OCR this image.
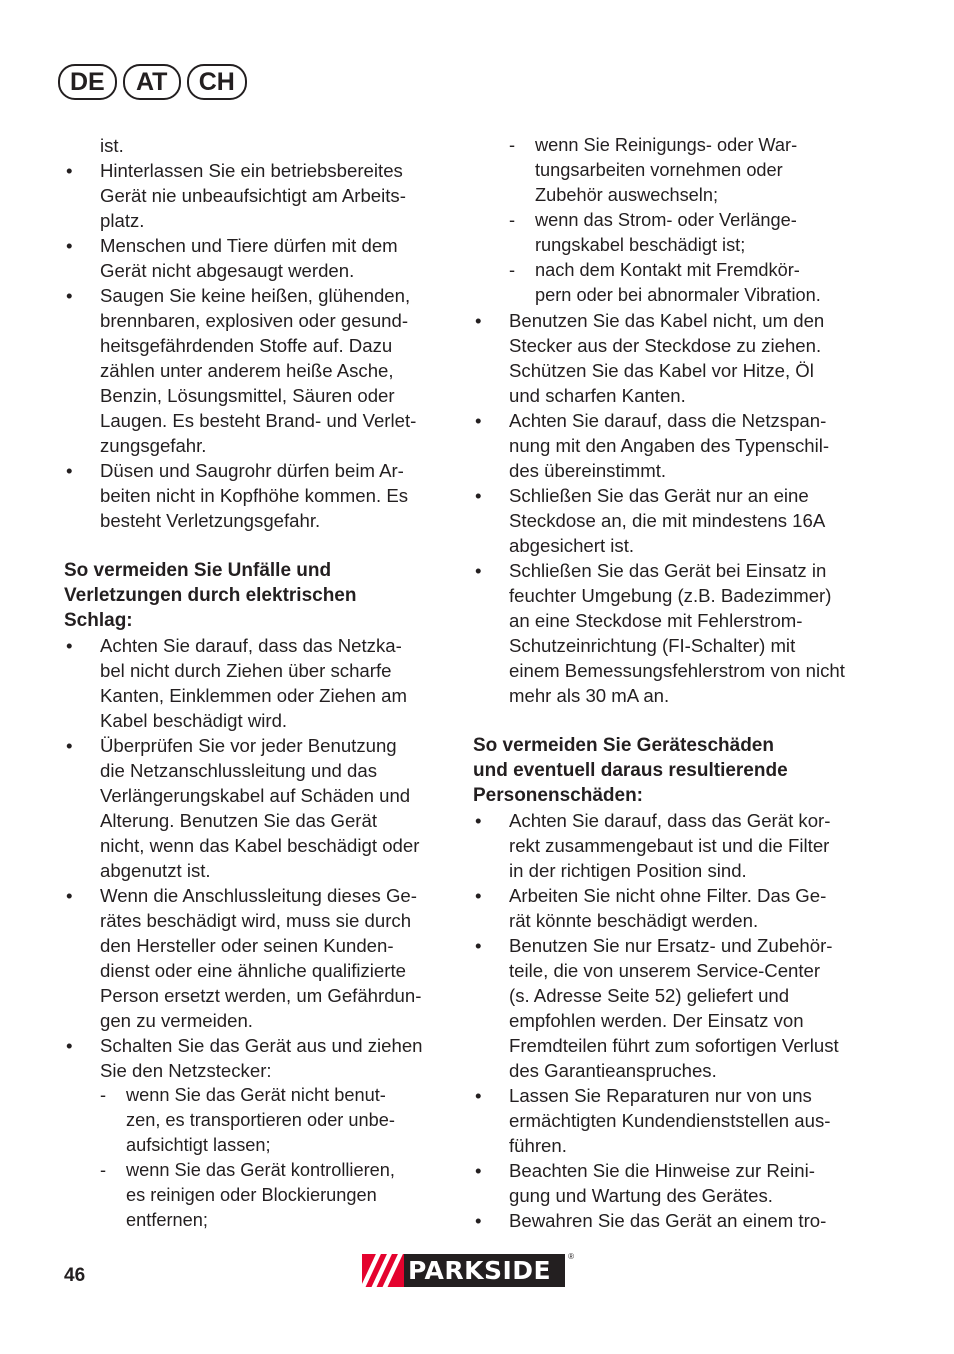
DE	AT	CH

ist.

• Hinterlassen Sie ein betriebsbereites
Gerät nie unbeaufsichtigt am Arbeits-
platz.
• Menschen und Tiere dürfen mit dem
Gerät nicht abgesaugt werden.
• Saugen Sie keine heißen, glühenden,
brennbaren, explosiven oder gesund-
heitsgefährdenden Stoffe auf. Dazu
zählen unter anderem heiße Asche,
Benzin, Lösungsmittel, Säuren oder
Laugen. Es besteht Brand- und Verlet-
zungsgefahr.
• Düsen und Saugrohr dürfen beim Ar-
beiten nicht in Kopfhöhe kommen. Es
besteht Verletzungsgefahr.
So vermeiden Sie Unfälle und
Verletzungen durch elektrischen
Schlag:
• Achten Sie darauf, dass das Netzka-
bel nicht durch Ziehen über scharfe
Kanten, Einklemmen oder Ziehen am
Kabel beschädigt wird.
• Überprüfen Sie vor jeder Benutzung
die Netzanschlussleitung und das
Verlängerungskabel auf Schäden und
Alterung. Benutzen Sie das Gerät
nicht, wenn das Kabel beschädigt oder
abgenutzt ist.
• Wenn die Anschlussleitung dieses Ge-
rätes beschädigt wird, muss sie durch
den Hersteller oder seinen Kunden-
dienst oder eine ähnliche qualifizierte
Person ersetzt werden, um Gefährdun-
gen zu vermeiden.
• Schalten Sie das Gerät aus und ziehen
Sie den Netzstecker:
- wenn Sie das Gerät nicht benut-
zen, es transportieren oder unbe-
aufsichtigt lassen;
- wenn Sie das Gerät kontrollieren,
es reinigen oder Blockierungen
entfernen;
- wenn Sie Reinigungs- oder War-
tungsarbeiten vornehmen oder
Zubehör auswechseln;
- wenn das Strom- oder Verlänge-
rungskabel beschädigt ist;
- nach dem Kontakt mit Fremdkör-
pern oder bei abnormaler Vibration.
• Benutzen Sie das Kabel nicht, um den
Stecker aus der Steckdose zu ziehen.
Schützen Sie das Kabel vor Hitze, Öl
und scharfen Kanten.
• Achten Sie darauf, dass die Netzspan-
nung mit den Angaben des Typenschil-
des übereinstimmt.
• Schließen Sie das Gerät nur an eine
Steckdose an, die mit mindestens 16A
abgesichert ist.
• Schließen Sie das Gerät bei Einsatz in
feuchter Umgebung (z.B. Badezimmer)
an eine Steckdose mit Fehlerstrom-
Schutzeinrichtung (FI-Schalter) mit
einem Bemessungsfehlerstrom von nicht
mehr als 30 mA an.
So vermeiden Sie Geräteschäden
und eventuell daraus resultierende
Personenschäden:
• Achten Sie darauf, dass das Gerät kor-
rekt zusammengebaut ist und die Filter
in der richtigen Position sind.
• Arbeiten Sie nicht ohne Filter. Das Ge-
rät könnte beschädigt werden.
• Benutzen Sie nur Ersatz- und Zubehör-
teile, die von unserem Service-Center
(s. Adresse Seite 52) geliefert und
empfohlen werden. Der Einsatz von
Fremdteilen führt zum sofortigen Verlust
des Garantieanspruches.
• Lassen Sie Reparaturen nur von uns
ermächtigten Kundendienststellen aus-
führen.
• Beachten Sie die Hinweise zur Reini-
gung und Wartung des Gerätes.
• Bewahren Sie das Gerät an einem tro-
46	PARKSIDE ®
